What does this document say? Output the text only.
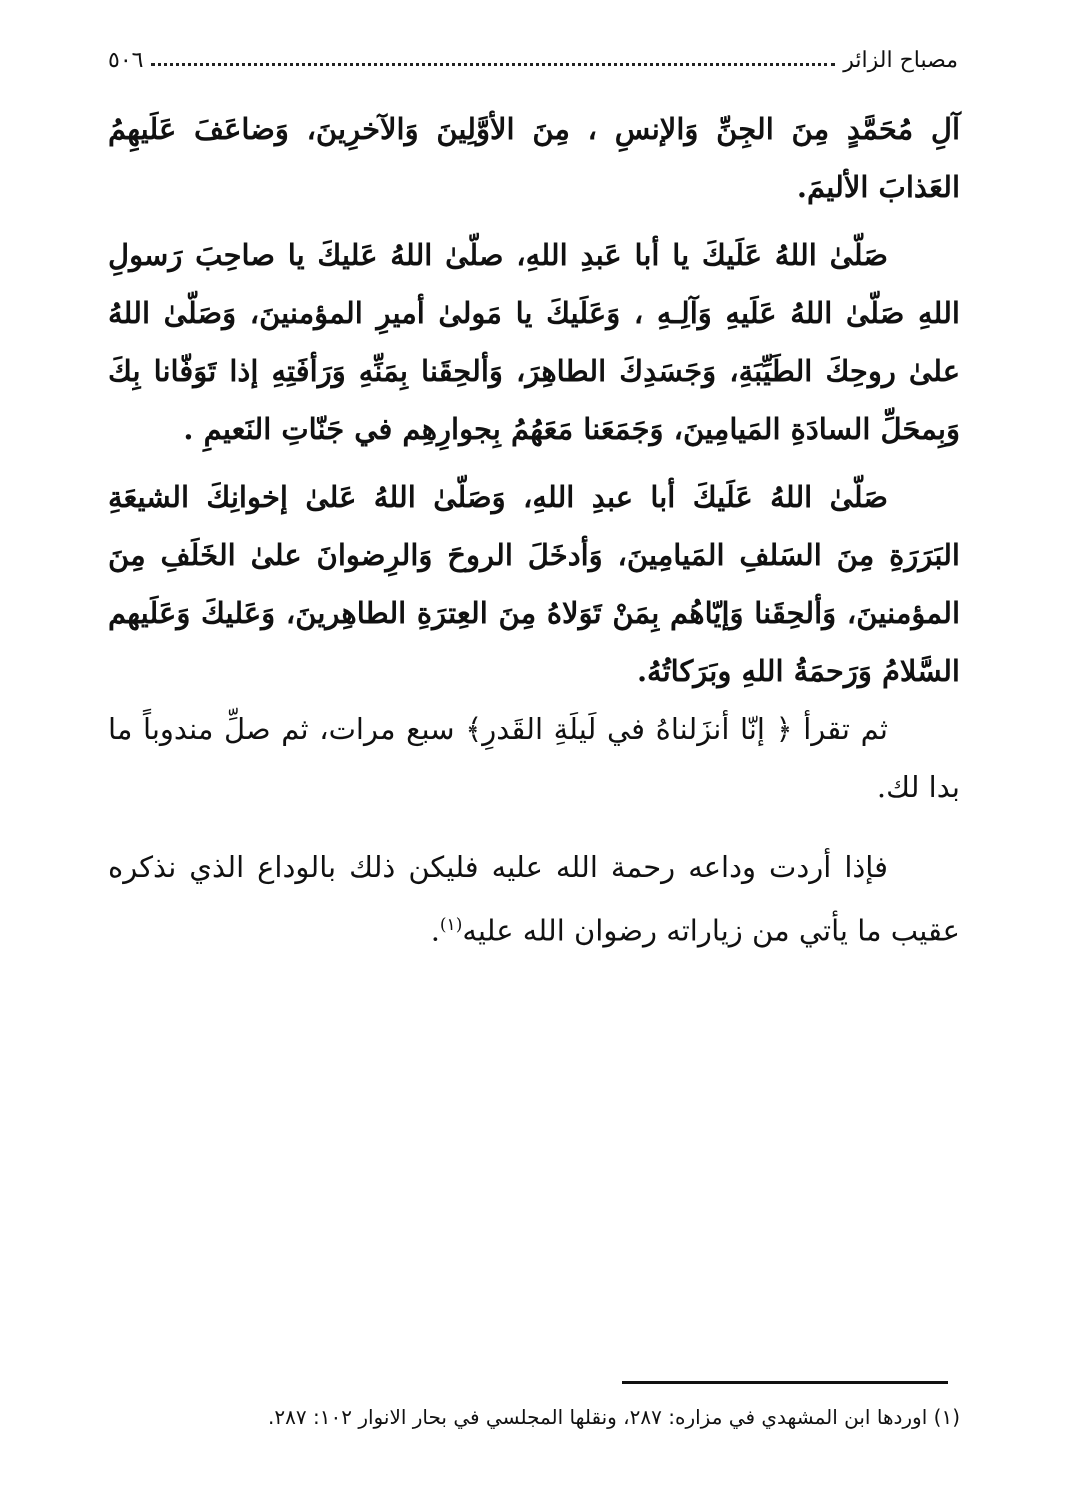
مصباح الزائر
٥٠٦

آلِ مُحَمَّدٍ مِنَ الجِنِّ وَالإنسِ ، مِنَ الأوَّلِينَ وَالآخرِينَ، وَضاعَفَ عَلَيهِمُ العَذابَ الأليمَ.

صَلّىٰ اللهُ عَلَيكَ يا أبا عَبدِ اللهِ، صلّىٰ اللهُ عَليكَ يا صاحِبَ رَسولِ اللهِ صَلّىٰ اللهُ عَلَيهِ وَآلِـهِ ، وَعَلَيكَ يا مَولىٰ أميرِ المؤمنينَ، وَصَلّىٰ اللهُ علىٰ روحِكَ الطَيِّبَةِ، وَجَسَدِكَ الطاهِرَ، وَألحِقَنا بِمَنِّهِ وَرَأفَتِهِ إذا تَوَفّانا بِكَ وَبِمحَلِّ السادَةِ المَيامِينَ، وَجَمَعَنا مَعَهُمُ بِجوارِهِم في جَنّاتِ النَعيمِ .

صَلّىٰ اللهُ عَلَيكَ أبا عبدِ اللهِ، وَصَلّىٰ اللهُ عَلىٰ إخوانِكَ الشيعَةِ البَرَرَةِ مِنَ السَلفِ المَيامِينَ، وَأدخَلَ الروحَ وَالرِضوانَ علىٰ الخَلَفِ مِنَ المؤمنينَ، وَألحِقَنا وَإيّاهُم بِمَنْ تَوَلاهُ مِنَ العِترَةِ الطاهِرينَ، وَعَليكَ وَعَلَيهم السَّلامُ وَرَحمَةُ اللهِ وبَرَكاتُهُ.

ثم تقرأ ﴿ إنّا أنزَلناهُ في لَيلَةِ القَدرِ﴾ سبع مرات، ثم صلِّ مندوباً ما بدا لك.

فإذا أردت وداعه رحمة الله عليه فليكن ذلك بالوداع الذي نذكره عقيب ما يأتي من زياراته رضوان الله عليه$^{(١)}$.

(١) اوردها ابن المشهدي في مزاره: ٢٨٧، ونقلها المجلسي في بحار الانوار ١٠٢: ٢٨٧.
